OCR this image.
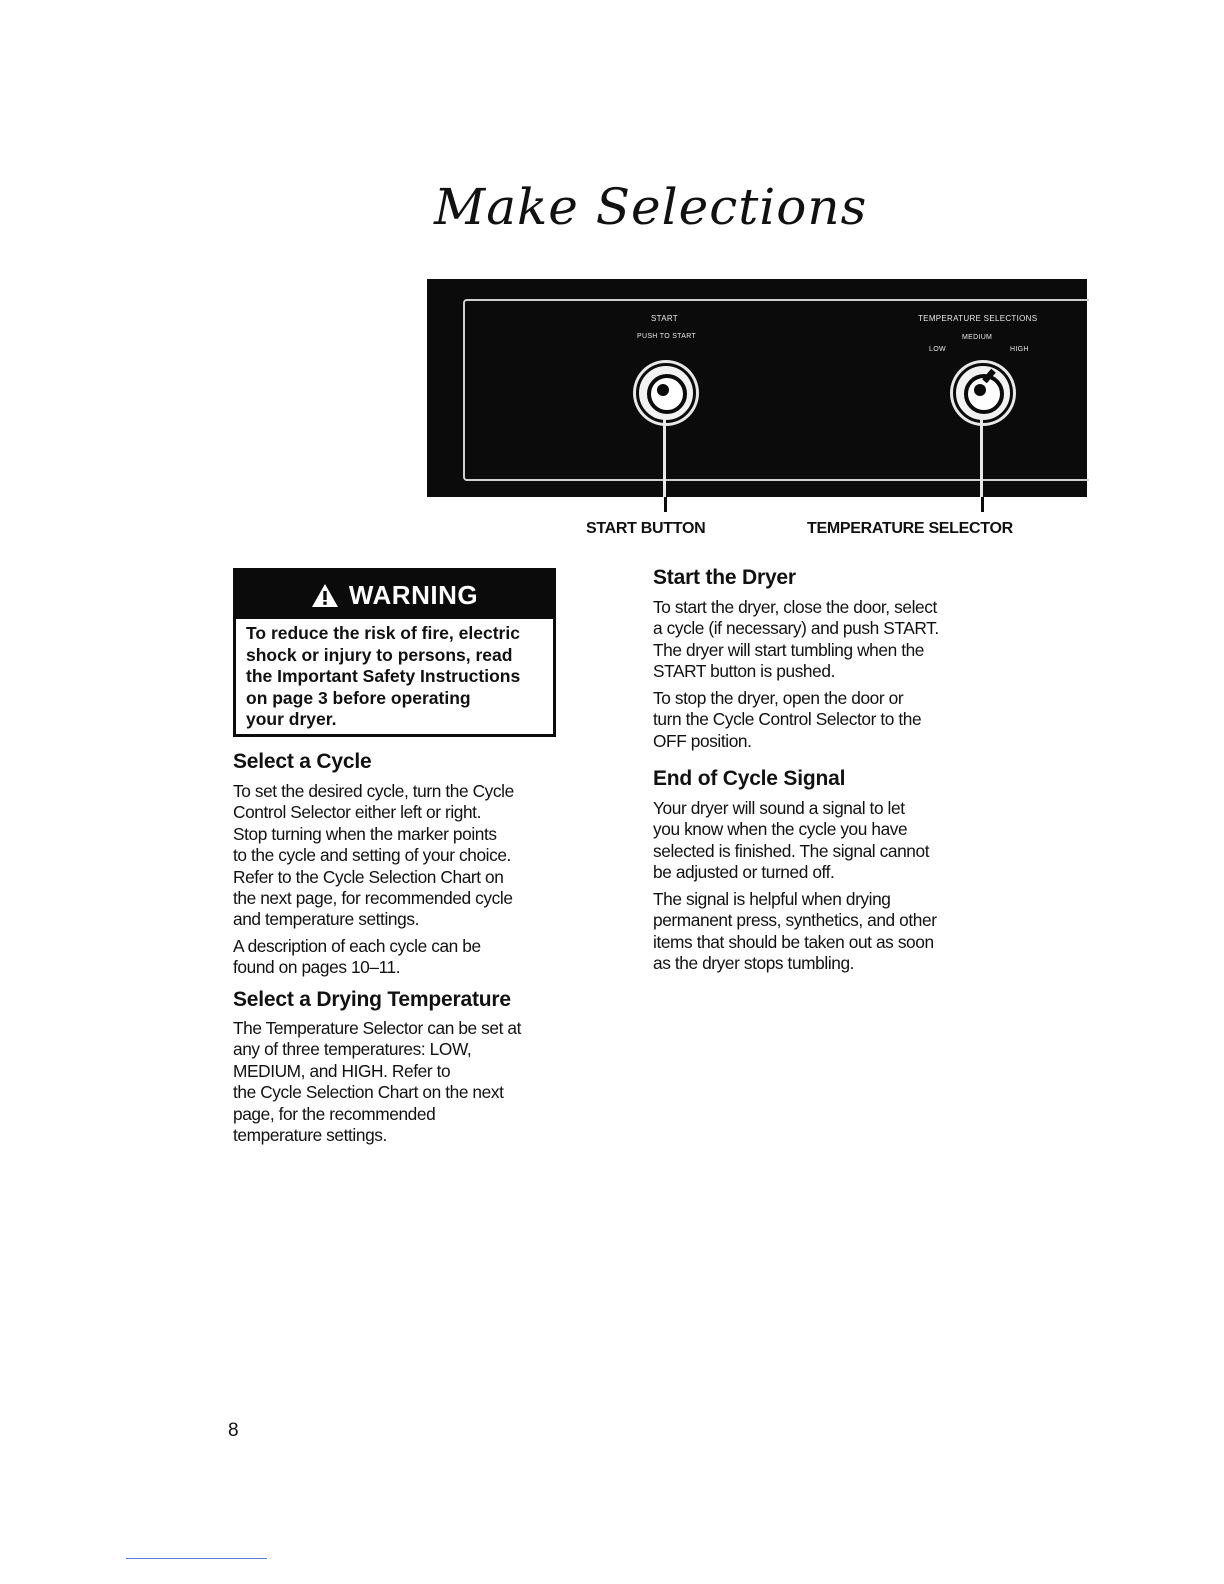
Make Selections
START
PUSH TO START
TEMPERATURE SELECTIONS
MEDIUM
LOW	HIGH
START BUTTON	TEMPERATURE SELECTOR
WARNING
To reduce the risk of fire, electric
shock or injury to persons, read
the Important Safety Instructions
on page 3 before operating
your dryer.
Select a Cycle
To set the desired cycle, turn the Cycle
Control Selector either left or right.
Stop turning when the marker points
to the cycle and setting of your choice.
Refer to the Cycle Selection Chart on
the next page, for recommended cycle
and temperature settings.
A description of each cycle can be
found on pages 10–11.
Select a Drying Temperature
The Temperature Selector can be set at
any of three temperatures: LOW,
MEDIUM, and HIGH. Refer to
the Cycle Selection Chart on the next
page, for the recommended
temperature settings.
Start the Dryer
To start the dryer, close the door, select
a cycle (if necessary) and push START.
The dryer will start tumbling when the
START button is pushed.
To stop the dryer, open the door or
turn the Cycle Control Selector to the
OFF position.
End of Cycle Signal
Your dryer will sound a signal to let
you know when the cycle you have
selected is finished. The signal cannot
be adjusted or turned off.
The signal is helpful when drying
permanent press, synthetics, and other
items that should be taken out as soon
as the dryer stops tumbling.
8
